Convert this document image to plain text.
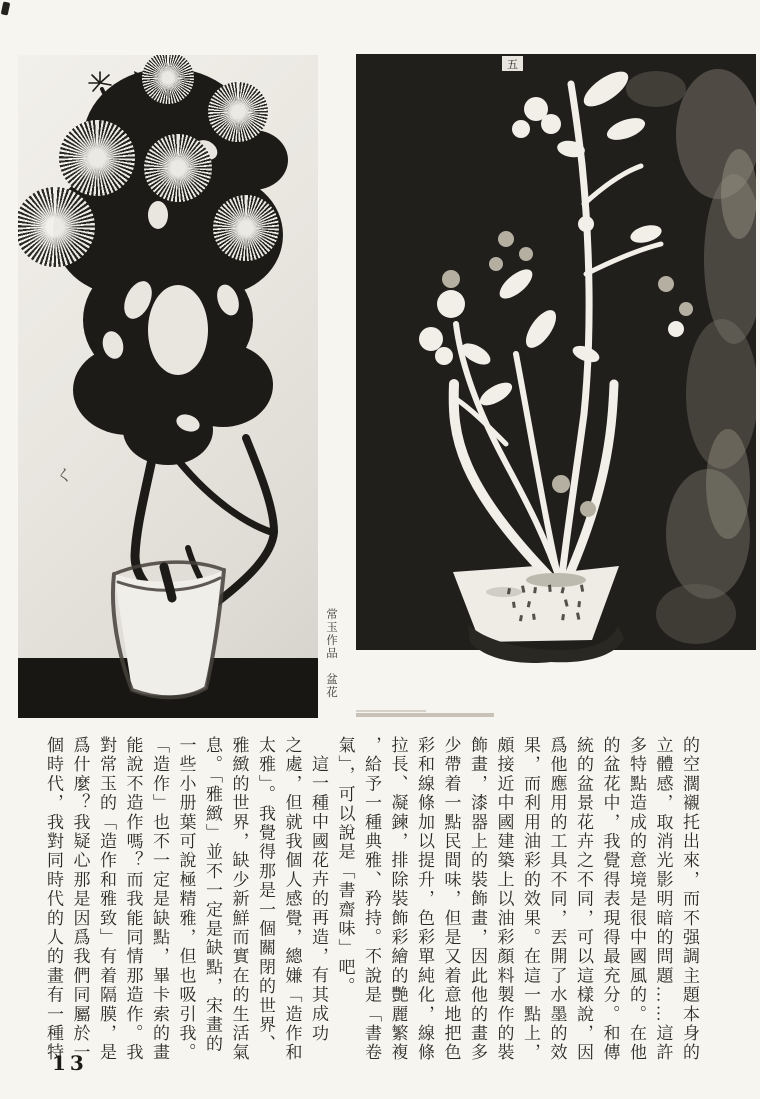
く
五
常玉作品盆花
的空濶襯托出來，而不强調主題本身的
立體感，取消光影明暗的問題……這許
多特點造成的意境是很中國風的。在他
的盆花中，我覺得表現得最充分。和傳
統的盆景花卉之不同，可以這樣說，因
爲他應用的工具不同，丟開了水墨的效
果，而利用油彩的效果。在這一點上，
頗接近中國建築上以油彩顏料製作的裝
飾畫，漆器上的裝飾畫，因此他的畫多
少帶着一點民間味，但是又着意地把色
彩和線條加以提升，色彩單純化，線條
拉長、凝鍊，排除裝飾彩繪的艷麗繁複
，給予一種典雅、矜持。不說是「書卷
氣」，可以說是「書齋味」吧。
這一種中國花卉的再造，有其成功
之處，但就我個人感覺，總嫌「造作和
太雅」。我覺得那是一個關閉的世界、
雅緻的世界，缺少新鮮而實在的生活氣
息。「雅緻」並不一定是缺點，宋畫的
一些小册葉可說極精雅，但也吸引我。
「造作」也不一定是缺點，畢卡索的畫
能說不造作嗎？而我能同情那造作。我
對常玉的「造作和雅致」有着隔膜，是
爲什麼？我疑心那是因爲我們同屬於一
個時代，我對同時代的人的畫有一種特
13
